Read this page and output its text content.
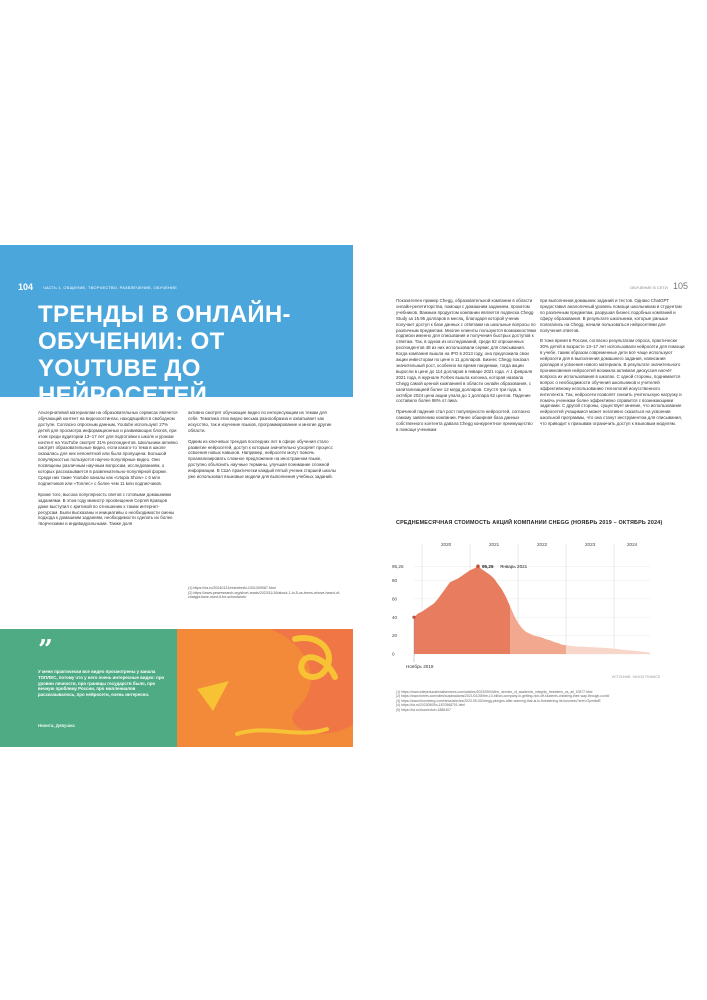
104 ЧАСТЬ 1. ОБЩЕНИЕ, ТВОРЧЕСТВО, РАЗВЛЕЧЕНИЕ, ОБУЧЕНИЕ
ТРЕНДЫ В ОНЛАЙН-ОБУЧЕНИИ: ОТ YOUTUBE ДО НЕЙРОСЕТЕЙ

Альтернативой материалам на образовательных сервисах является обучающий контент на видеохостингах, находящийся в свободном доступе. Согласно опросным данным, Youtube используют 27% детей для просмотра информационных и развивающих блогов, при этом среди аудитории 13–17 лет для подготовки к школе и урокам контент на YouTube смотрят 31% респондентов. Школьники активно смотрят образовательные видео, если какого-то тема в школе оказалась для них непонятной или была пропущена. Большой популярностью пользуются научно-популярные видео. Они посвящены различным научным вопросам, исследованиям, о которых рассказывается в развлекательно-популярной форме. Среди них такие Youtube каналы как «Utopia Show» с 6 млн подписчиков или «Топлес» с более чем 11 млн подписчиков.

Кроме того, высока популярность светов с готовыми домашними заданиями. В этом году министр просвещения Сергей Кравцов даже выступил с критикой по отношению к таким интернет-ресурсам. Были высказаны и инициативы о необходимости смены подхода к домашним заданиям, необходимости сделать их более творческими и индивидуальными. Также доля

активно смотрят обучающие видео по интересующим их темам для себя. Тематика этих видео весьма разнообразна и охватывает как искусство, так и изучение языков, программирование и многие другие области.

Одним из ключевых трендов последних лет в сфере обучения стало развитие нейросетей, доступ к которым значительно ускоряет процесс освоения новых навыков. Например, нейросети могут помочь проанализировать сложное предложение на иностранном языке, доступно объяснить научные термины, улучшая понимание сложной информации. В США практически каждый пятый ученик старшей школы уже использовал языковые модели для выполнения учебных заданий.

(1) https://ria.ru/20240131/reshebniki-1931309067.html
(2) https://www.pewresearch.org/short-reads/2023/11/16/about-1-in-5-us-teens-whove-heard-of-chatgpt-have-used-it-for-schoolwork/
”
У меня практически все видео просмотрены у канала ТОПЛЕС, потому что у него очень интересные видео: про уровни личности, про границы государств было, про вечную проблему России, про миллениалов рассказывалось, про нейросети, очень интересно.
Никита, Девушка
ОБУЧЕНИЕ В СЕТИ 105

Показателен пример Chegg, образовательной компании в области онлайн-репетиторства, помощи с домашним заданием, прокатом учебников. Важным продуктом компании является подписка Chegg Study за 15.95 долларов в месяц, благодаря которой ученик получает доступ к базе данных с ответами на школьные вопросы по различным предметам. Многие клиенты пользуются возможностями подписки именно для списывания и получения быстрых доступов к ответам. Так, в одном из исследований, среди 52 опрошенных респондентов 48 из них использовали сервис для списывания. Когда компания вышла на IPO в 2013 году, она предложила свои акции инвесторам по цене в 11 долларов. Бизнес Chegg показал значительный рост, особенно во время пандемии, тогда акции выросли в цене до 114 долларов в январе 2021 года. А 1 февраля 2021 года, в журнале Forbes вышла колонка, которая назвала Chegg самой ценной компанией в области онлайн образования, с капитализацией более 12 млрд долларов. Спустя три года, в октябре 2024 цена акции упала до 1 доллара 62 центов. Падение составило более 98% от пика.

Причиной падения стал рост популярности нейросетей, согласно самому заявлению компании. Ранее обширная база данных собственного контента давала Chegg конкурентное преимущество в помощи ученикам

при выполнении домашних заданий и тестов. Однако ChatGPT предоставил аналогичный уровень помощи школьникам и студентам по различным предметам, разрушая бизнес подобных компаний и сферу образования. В результате школьники, которые раньше полагались на Chegg, начали пользоваться нейросетями для получения ответов.

В тоже время в России, согласно результатам опроса, практически 30% детей в возрасте 13–17 лет использовали нейросети для помощи в учебе, таким образом современные дети всё чаще используют нейросети для в выполнения домашнего задания, написания докладов и усвоения нового материала. В результате значительного проникновения нейросетей возникла активная дискуссия насчёт вопроса их использования в школах. С одной стороны, поднимается вопрос о необходимости обучения школьников и учителей эффективному использованию технологий искусственного интеллекта. Так, нейросети позволят снизить учительскую нагрузку и помочь ученикам более эффективно справится с возникающими задачами. С другой стороны, существует мнение, что использование нейросетей учащимися может негативно сказаться на усвоении школьной программы, что она станут инструментом для списывания, что приводит к призывам ограничить доступ к языковым моделям.

СРЕДНЕМЕСЯЧНАЯ СТОИМОСТЬ АКЦИЙ КОМПАНИИ CHEGG (НОЯБРЬ 2019 – ОКТЯБРЬ 2024)
2020	2021	2022	2023	2024
0
20
40
60
80
95,26	95,26 Январь 2021
Ноябрь 2019
ИСТОЧНИК: YAHOO FINANCE
(1) https://www.wileyeducationalservices.com/articles/2023/05/04/the_demise_of_academic_integrity_threatens_us_all_10577.html
(2) https://www.forbes.com/sites/susanadams/2021/01/28/the-10-billion-company-in-getting-rich-off-students-cheating-their-way-through-covid/
(3) https://www.bloomberg.com/news/articles/2023-05-02/chegg-plunges-after-warning-that-ai-is-threatening-its-business?sref=OpmtbdE
(4) https://ria.ru/20230505/s-1870968701.html
(5) https://ria.ru/docs/edu/n-1886407
